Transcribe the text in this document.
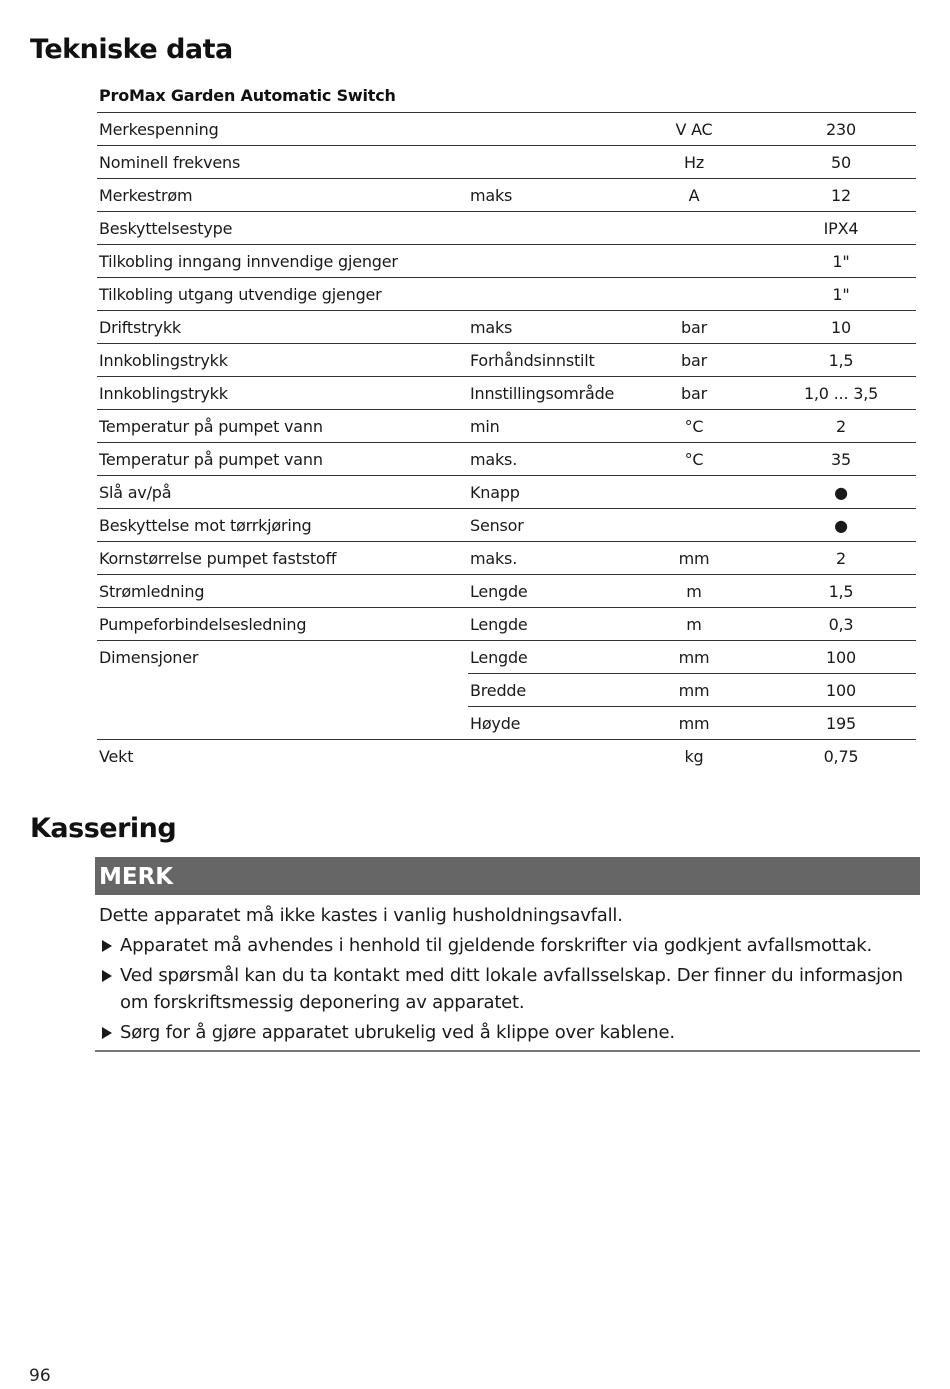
Tekniske data
ProMax Garden Automatic Switch
Merkespenning		V AC	230
Nominell frekvens		Hz	50
Merkestrøm	maks	A	12
Beskyttelsestype			IPX4
Tilkobling inngang innvendige gjenger			1"
Tilkobling utgang utvendige gjenger			1"
Driftstrykk	maks	bar	10
Innkoblingstrykk	Forhåndsinnstilt	bar	1,5
Innkoblingstrykk	Innstillingsområde	bar	1,0 ... 3,5
Temperatur på pumpet vann	min	°C	2
Temperatur på pumpet vann	maks.	°C	35
Slå av/på	Knapp		●
Beskyttelse mot tørrkjøring	Sensor		●
Kornstørrelse pumpet faststoff	maks.	mm	2
Strømledning	Lengde	m	1,5
Pumpeforbindelsesledning	Lengde	m	0,3
Dimensjoner	Lengde	mm	100
	Bredde	mm	100
	Høyde	mm	195
Vekt		kg	0,75
Kassering
MERK

Dette apparatet må ikke kastes i vanlig husholdningsavfall.

Apparatet må avhendes i henhold til gjeldende forskrifter via godkjent avfallsmottak.
Ved spørsmål kan du ta kontakt med ditt lokale avfallsselskap. Der finner du informasjon om forskriftsmessig deponering av apparatet.
Sørg for å gjøre apparatet ubrukelig ved å klippe over kablene.
96
